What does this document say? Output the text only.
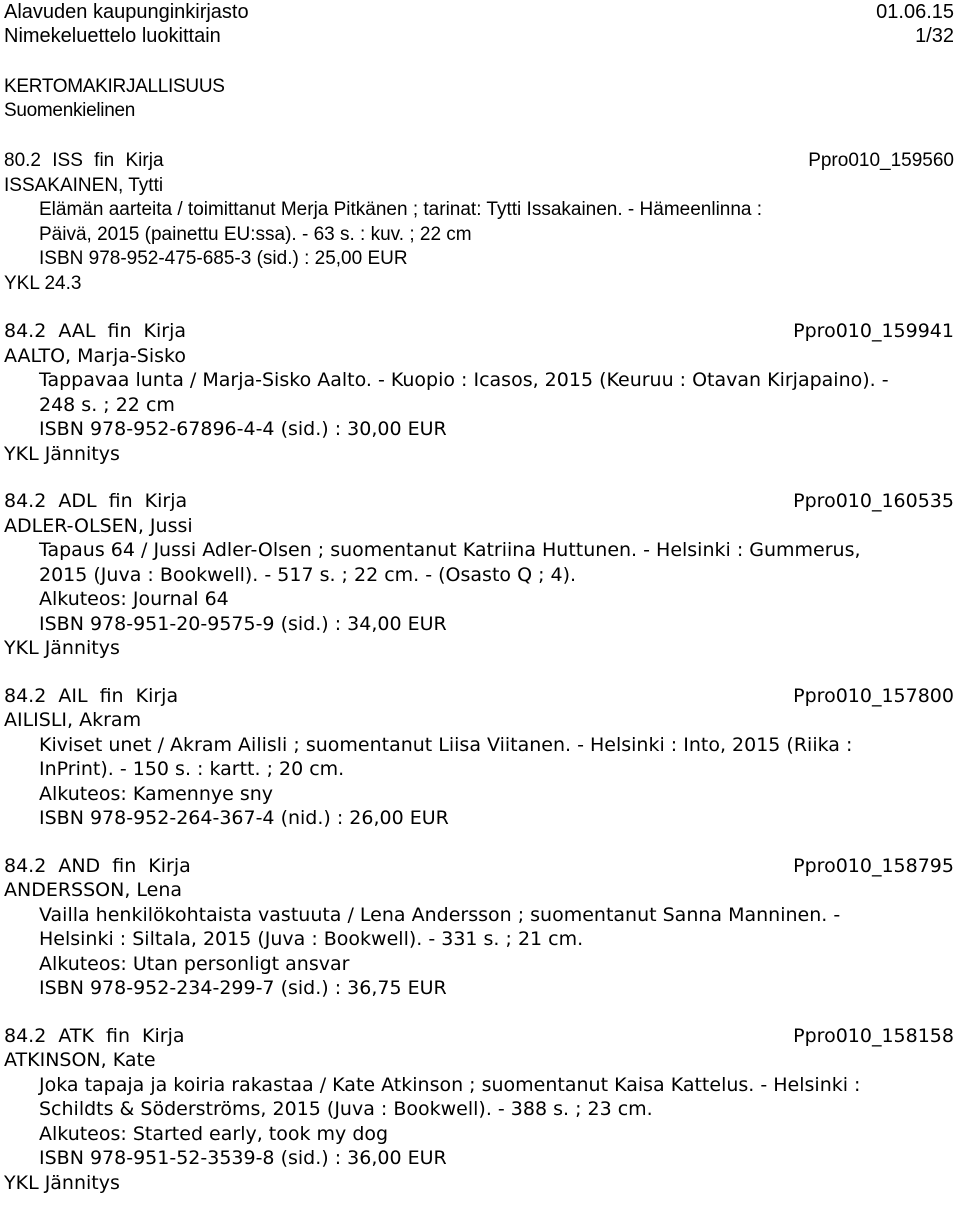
Alavuden kaupunginkirjasto	01.06.15
Nimekeluettelo luokittain	1/32
KERTOMAKIRJALLISUUS
Suomenkielinen
80.2 ISS fin Kirja	Ppro010_159560
ISSAKAINEN, Tytti
Elämän aarteita / toimittanut Merja Pitkänen ; tarinat: Tytti Issakainen. - Hämeenlinna :
Päivä, 2015 (painettu EU:ssa). - 63 s. : kuv. ; 22 cm
ISBN 978-952-475-685-3 (sid.) : 25,00 EUR
YKL 24.3
84.2 AAL fin Kirja	Ppro010_159941
AALTO, Marja-Sisko
Tappavaa lunta / Marja-Sisko Aalto. - Kuopio : Icasos, 2015 (Keuruu : Otavan Kirjapaino). -
248 s. ; 22 cm
ISBN 978-952-67896-4-4 (sid.) : 30,00 EUR
YKL Jännitys
84.2 ADL fin Kirja	Ppro010_160535
ADLER-OLSEN, Jussi
Tapaus 64 / Jussi Adler-Olsen ; suomentanut Katriina Huttunen. - Helsinki : Gummerus,
2015 (Juva : Bookwell). - 517 s. ; 22 cm. - (Osasto Q ; 4).
Alkuteos: Journal 64
ISBN 978-951-20-9575-9 (sid.) : 34,00 EUR
YKL Jännitys
84.2 AIL fin Kirja	Ppro010_157800
AILISLI, Akram
Kiviset unet / Akram Ailisli ; suomentanut Liisa Viitanen. - Helsinki : Into, 2015 (Riika :
InPrint). - 150 s. : kartt. ; 20 cm.
Alkuteos: Kamennye sny
ISBN 978-952-264-367-4 (nid.) : 26,00 EUR
84.2 AND fin Kirja	Ppro010_158795
ANDERSSON, Lena
Vailla henkilökohtaista vastuuta / Lena Andersson ; suomentanut Sanna Manninen. -
Helsinki : Siltala, 2015 (Juva : Bookwell). - 331 s. ; 21 cm.
Alkuteos: Utan personligt ansvar
ISBN 978-952-234-299-7 (sid.) : 36,75 EUR
84.2 ATK fin Kirja	Ppro010_158158
ATKINSON, Kate
Joka tapaja ja koiria rakastaa / Kate Atkinson ; suomentanut Kaisa Kattelus. - Helsinki :
Schildts & Söderströms, 2015 (Juva : Bookwell). - 388 s. ; 23 cm.
Alkuteos: Started early, took my dog
ISBN 978-951-52-3539-8 (sid.) : 36,00 EUR
YKL Jännitys
